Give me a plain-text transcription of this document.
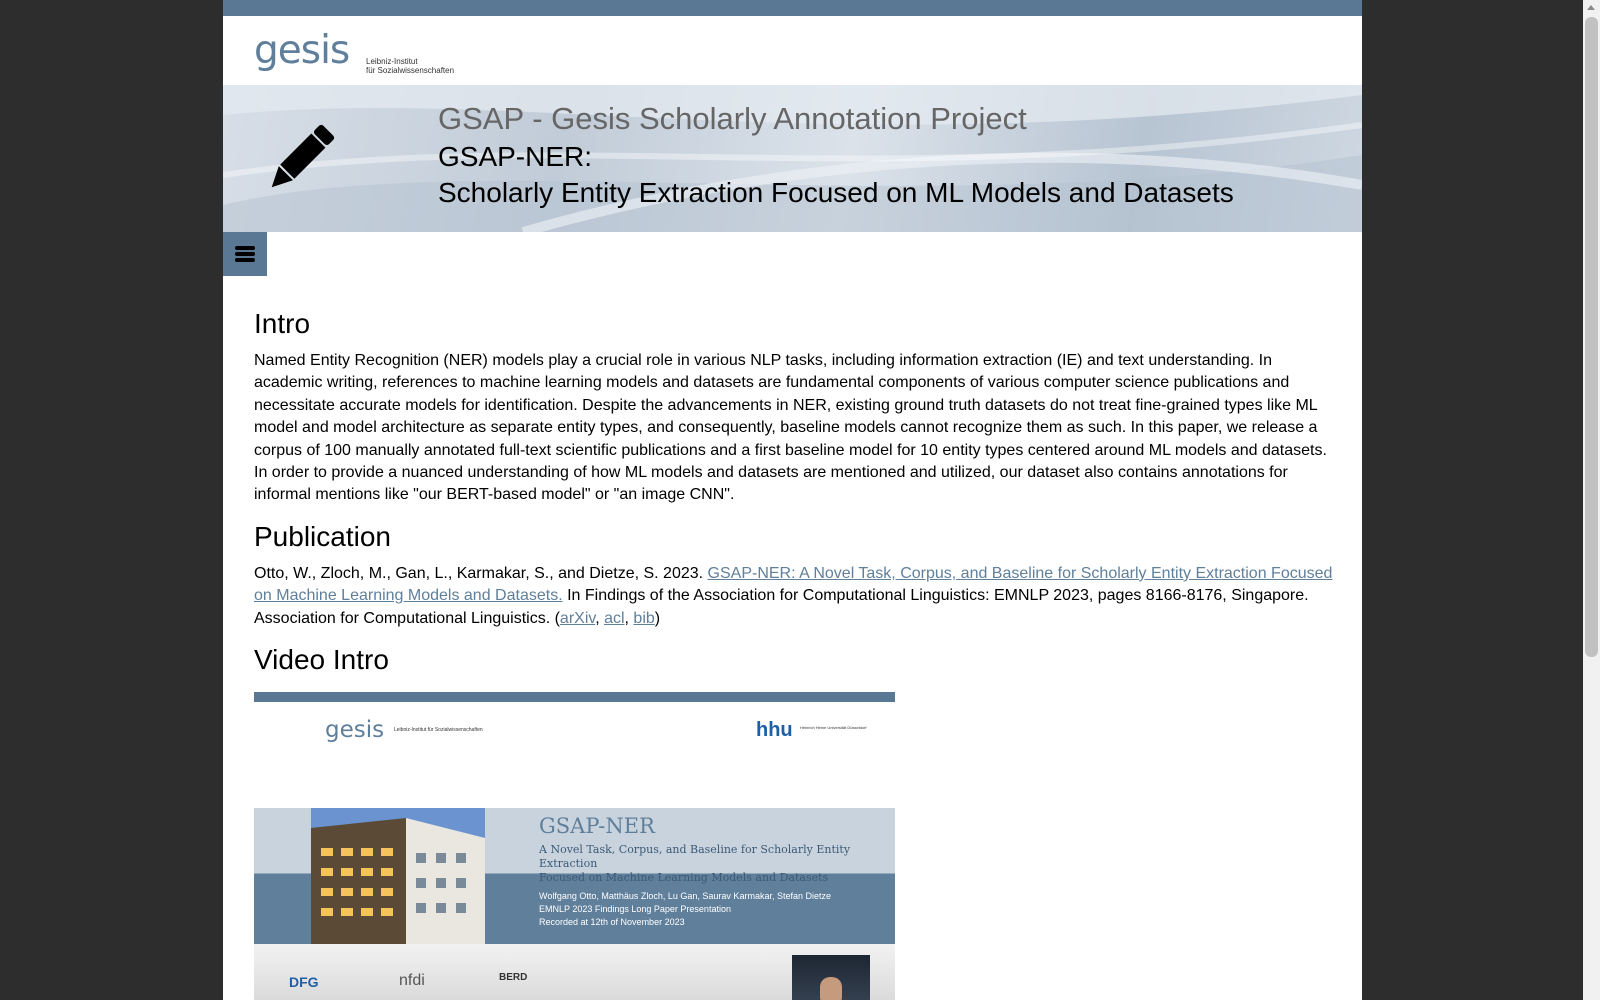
gesis Leibniz-Institut
für Sozialwissenschaften
GSAP - Gesis Scholarly Annotation Project
GSAP-NER:
Scholarly Entity Extraction Focused on ML Models and Datasets
Intro

Named Entity Recognition (NER) models play a crucial role in various NLP tasks, including information extraction (IE) and text understanding. In academic writing, references to machine learning models and datasets are fundamental components of various computer science publications and necessitate accurate models for identification. Despite the advancements in NER, existing ground truth datasets do not treat fine-grained types like ML model and model architecture as separate entity types, and consequently, baseline models cannot recognize them as such. In this paper, we release a corpus of 100 manually annotated full-text scientific publications and a first baseline model for 10 entity types centered around ML models and datasets. In order to provide a nuanced understanding of how ML models and datasets are mentioned and utilized, our dataset also contains annotations for informal mentions like "our BERT-based model" or "an image CNN".

Publication

Otto, W., Zloch, M., Gan, L., Karmakar, S., and Dietze, S. 2023. GSAP-NER: A Novel Task, Corpus, and Baseline for Scholarly Entity Extraction Focused on Machine Learning Models and Datasets. In Findings of the Association for Computational Linguistics: EMNLP 2023, pages 8166-8176, Singapore. Association for Computational Linguistics. (arXiv, acl, bib)

Video Intro
gesis Leibniz-Institut für Sozialwissenschaften	hhu Heinrich Heine Universität Düsseldorf
GSAP-NER
A Novel Task, Corpus, and Baseline for Scholarly Entity Extraction
Focused on Machine Learning Models and Datasets
Wolfgang Otto, Matthäus Zloch, Lu Gan, Saurav Karmakar, Stefan Dietze
EMNLP 2023 Findings Long Paper Presentation
Recorded at 12th of November 2023
DFG	nfdi	BERD
